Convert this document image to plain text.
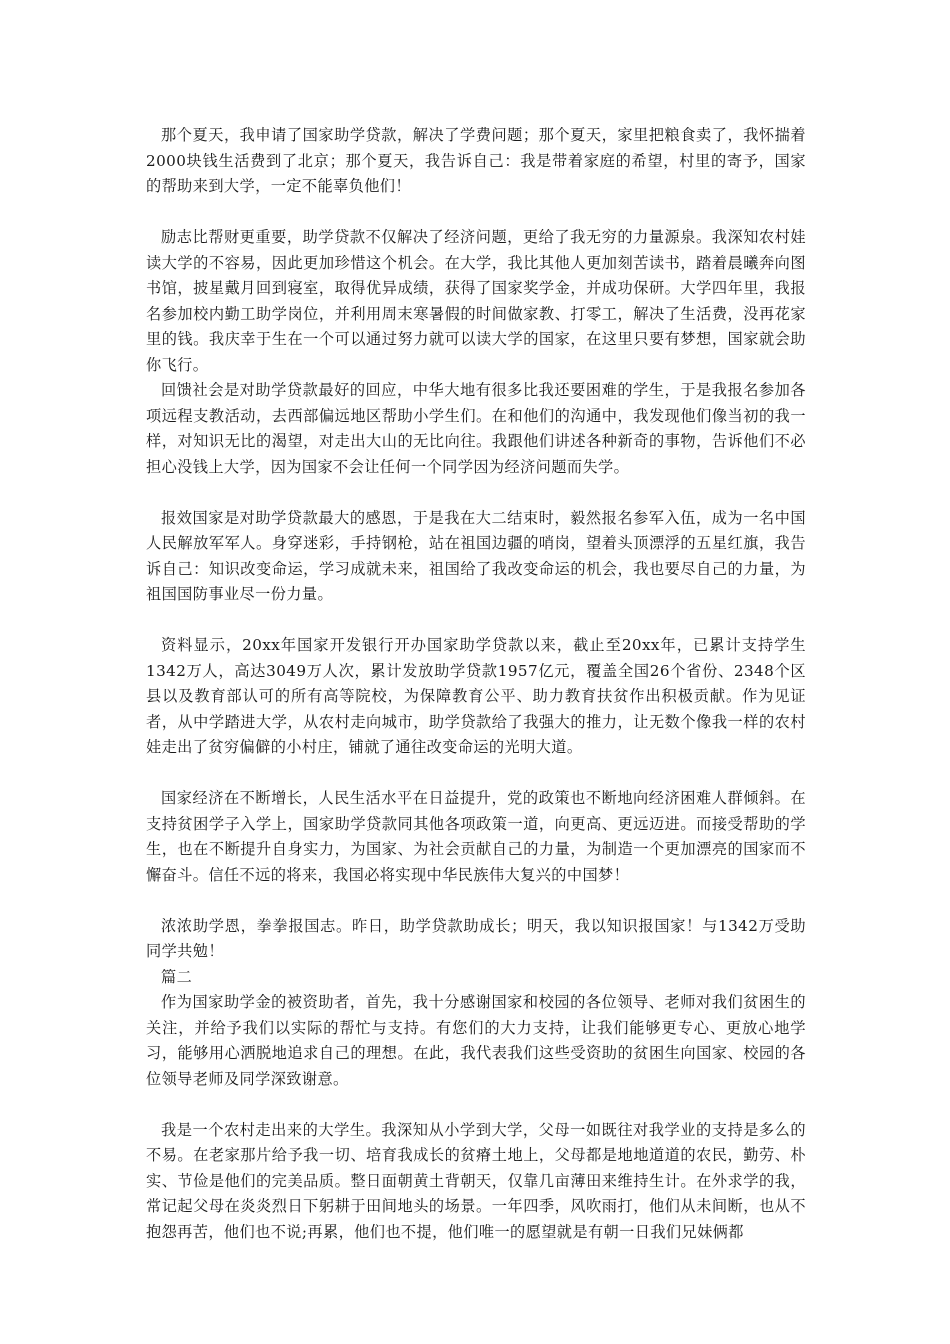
那个夏天，我申请了国家助学贷款，解决了学费问题；那个夏天，家里把粮食卖了，我怀揣着2000块钱生活费到了北京；那个夏天，我告诉自己：我是带着家庭的希望，村里的寄予，国家的帮助来到大学，一定不能辜负他们！

励志比帮财更重要，助学贷款不仅解决了经济问题，更给了我无穷的力量源泉。我深知农村娃读大学的不容易，因此更加珍惜这个机会。在大学，我比其他人更加刻苦读书，踏着晨曦奔向图书馆，披星戴月回到寝室，取得优异成绩，获得了国家奖学金，并成功保研。大学四年里，我报名参加校内勤工助学岗位，并利用周末寒暑假的时间做家教、打零工，解决了生活费，没再花家里的钱。我庆幸于生在一个可以通过努力就可以读大学的国家，在这里只要有梦想，国家就会助你飞行。

回馈社会是对助学贷款最好的回应，中华大地有很多比我还要困难的学生，于是我报名参加各项远程支教活动，去西部偏远地区帮助小学生们。在和他们的沟通中，我发现他们像当初的我一样，对知识无比的渴望，对走出大山的无比向往。我跟他们讲述各种新奇的事物，告诉他们不必担心没钱上大学，因为国家不会让任何一个同学因为经济问题而失学。

报效国家是对助学贷款最大的感恩，于是我在大二结束时，毅然报名参军入伍，成为一名中国人民解放军军人。身穿迷彩，手持钢枪，站在祖国边疆的哨岗，望着头顶漂浮的五星红旗，我告诉自己：知识改变命运，学习成就未来，祖国给了我改变命运的机会，我也要尽自己的力量，为祖国国防事业尽一份力量。

资料显示，20xx年国家开发银行开办国家助学贷款以来，截止至20xx年，已累计支持学生1342万人，高达3049万人次，累计发放助学贷款1957亿元，覆盖全国26个省份、2348个区县以及教育部认可的所有高等院校，为保障教育公平、助力教育扶贫作出积极贡献。作为见证者，从中学踏进大学，从农村走向城市，助学贷款给了我强大的推力，让无数个像我一样的农村娃走出了贫穷偏僻的小村庄，铺就了通往改变命运的光明大道。

国家经济在不断增长，人民生活水平在日益提升，党的政策也不断地向经济困难人群倾斜。在支持贫困学子入学上，国家助学贷款同其他各项政策一道，向更高、更远迈进。而接受帮助的学生，也在不断提升自身实力，为国家、为社会贡献自己的力量，为制造一个更加漂亮的国家而不懈奋斗。信任不远的将来，我国必将实现中华民族伟大复兴的中国梦！

浓浓助学恩，拳拳报国志。昨日，助学贷款助成长；明天，我以知识报国家！与1342万受助同学共勉！

篇二

作为国家助学金的被资助者，首先，我十分感谢国家和校园的各位领导、老师对我们贫困生的关注，并给予我们以实际的帮忙与支持。有您们的大力支持，让我们能够更专心、更放心地学习，能够用心洒脱地追求自己的理想。在此，我代表我们这些受资助的贫困生向国家、校园的各位领导老师及同学深致谢意。

我是一个农村走出来的大学生。我深知从小学到大学，父母一如既往对我学业的支持是多么的不易。在老家那片给予我一切、培育我成长的贫瘠土地上，父母都是地地道道的农民，勤劳、朴实、节俭是他们的完美品质。整日面朝黄土背朝天，仅靠几亩薄田来维持生计。在外求学的我，常记起父母在炎炎烈日下躬耕于田间地头的场景。一年四季，风吹雨打，他们从未间断，也从不抱怨再苦，他们也不说;再累，他们也不提，他们唯一的愿望就是有朝一日我们兄妹俩都
